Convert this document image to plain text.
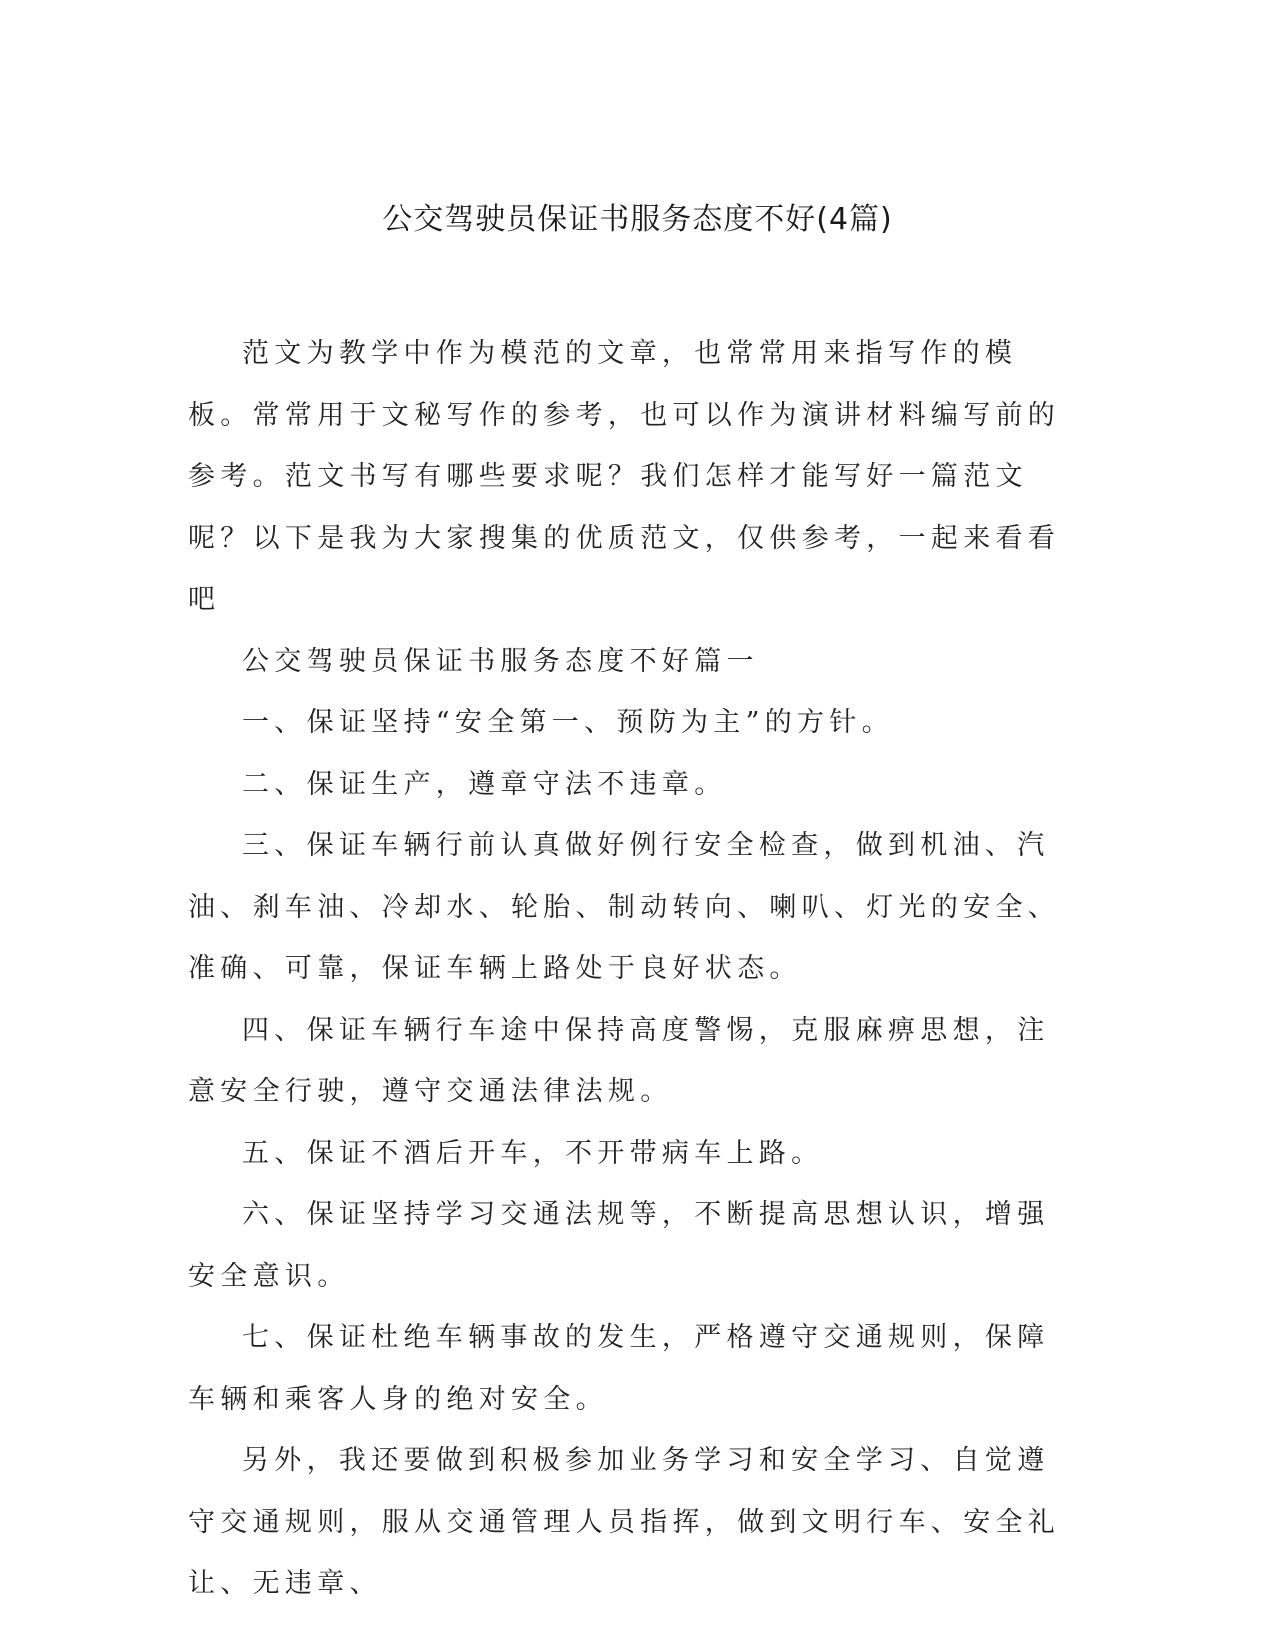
公交驾驶员保证书服务态度不好(4篇)

范文为教学中作为模范的文章，也常常用来指写作的模板。常常用于文秘写作的参考，也可以作为演讲材料编写前的参考。范文书写有哪些要求呢？我们怎样才能写好一篇范文呢？以下是我为大家搜集的优质范文，仅供参考，一起来看看吧

公交驾驶员保证书服务态度不好篇一

一、保证坚持“安全第一、预防为主”的方针。

二、保证生产，遵章守法不违章。

三、保证车辆行前认真做好例行安全检查，做到机油、汽油、刹车油、冷却水、轮胎、制动转向、喇叭、灯光的安全、准确、可靠，保证车辆上路处于良好状态。

四、保证车辆行车途中保持高度警惕，克服麻痹思想，注意安全行驶，遵守交通法律法规。

五、保证不酒后开车，不开带病车上路。

六、保证坚持学习交通法规等，不断提高思想认识，增强安全意识。

七、保证杜绝车辆事故的发生，严格遵守交通规则，保障车辆和乘客人身的绝对安全。

另外，我还要做到积极参加业务学习和安全学习、自觉遵守交通规则，服从交通管理人员指挥，做到文明行车、安全礼让、无违章、
